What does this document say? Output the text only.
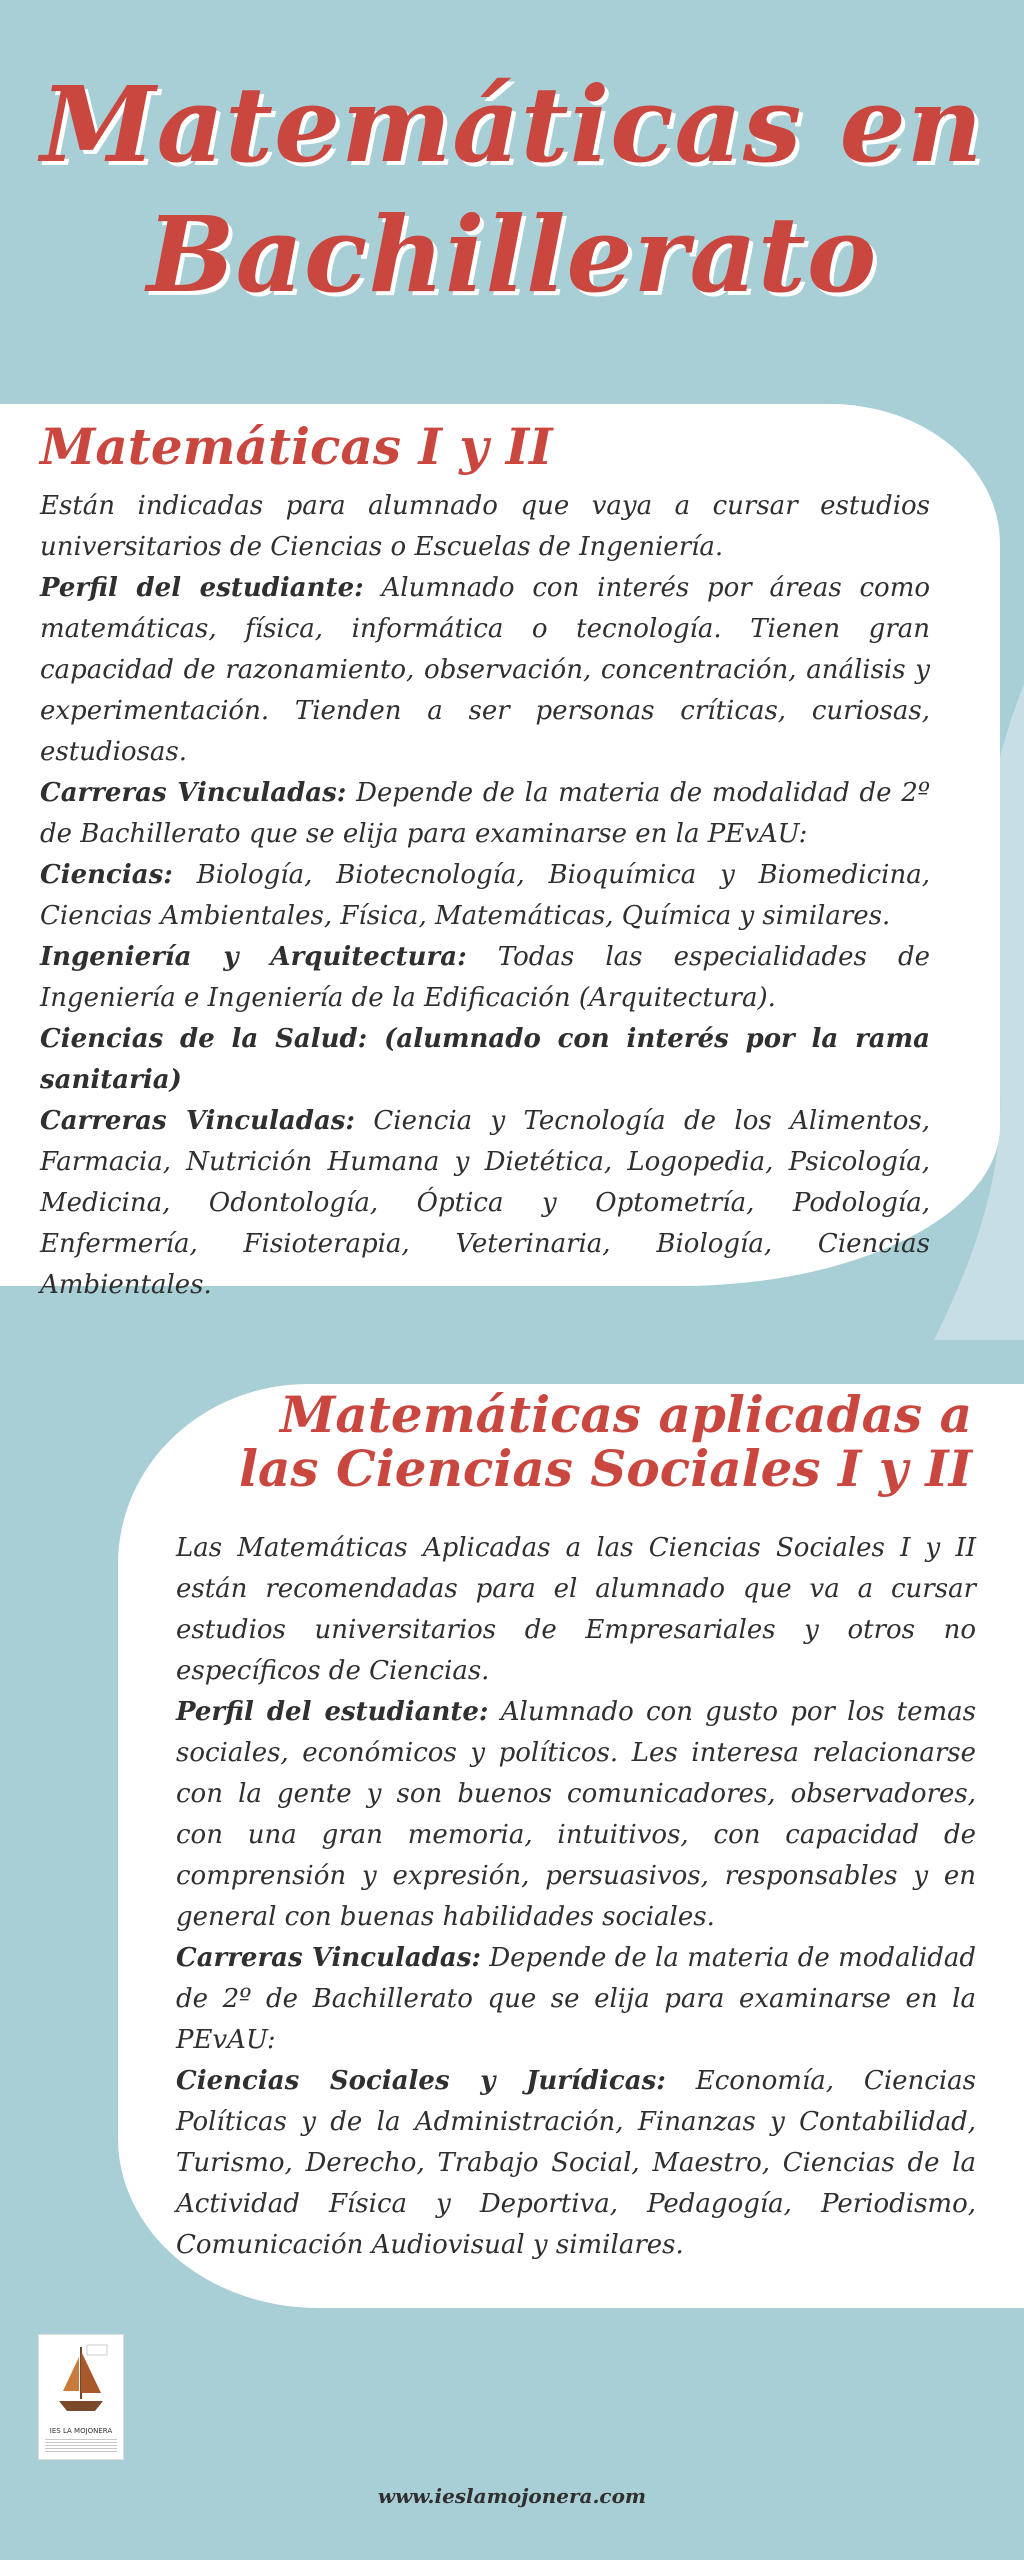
Matemáticas en Bachillerato
Matemáticas I y II
Están indicadas para alumnado que vaya a cursar estudios universitarios de Ciencias o Escuelas de Ingeniería.
Perfil del estudiante: Alumnado con interés por áreas como matemáticas, física, informática o tecnología. Tienen gran capacidad de razonamiento, observación, concentración, análisis y experimentación. Tienden a ser personas críticas, curiosas, estudiosas.
Carreras Vinculadas: Depende de la materia de modalidad de 2º de Bachillerato que se elija para examinarse en la PEvAU:
Ciencias: Biología, Biotecnología, Bioquímica y Biomedicina, Ciencias Ambientales, Física, Matemáticas, Química y similares.
Ingeniería y Arquitectura: Todas las especialidades de Ingeniería e Ingeniería de la Edificación (Arquitectura).
Ciencias de la Salud: (alumnado con interés por la rama sanitaria)
Carreras Vinculadas: Ciencia y Tecnología de los Alimentos, Farmacia, Nutrición Humana y Dietética, Logopedia, Psicología, Medicina, Odontología, Óptica y Optometría, Podología, Enfermería, Fisioterapia, Veterinaria, Biología, Ciencias Ambientales.
Matemáticas aplicadas a
las Ciencias Sociales I y II
Las Matemáticas Aplicadas a las Ciencias Sociales I y II están recomendadas para el alumnado que va a cursar estudios universitarios de Empresariales y otros no específicos de Ciencias.
Perfil del estudiante: Alumnado con gusto por los temas sociales, económicos y políticos. Les interesa relacionarse con la gente y son buenos comunicadores, observadores, con una gran memoria, intuitivos, con capacidad de comprensión y expresión, persuasivos, responsables y en general con buenas habilidades sociales.
Carreras Vinculadas: Depende de la materia de modalidad de 2º de Bachillerato que se elija para examinarse en la PEvAU:
Ciencias Sociales y Jurídicas: Economía, Ciencias Políticas y de la Administración, Finanzas y Contabilidad, Turismo, Derecho, Trabajo Social, Maestro, Ciencias de la Actividad Física y Deportiva, Pedagogía, Periodismo, Comunicación Audiovisual y similares.
IES LA MOJONERA

www.ieslamojonera.com
